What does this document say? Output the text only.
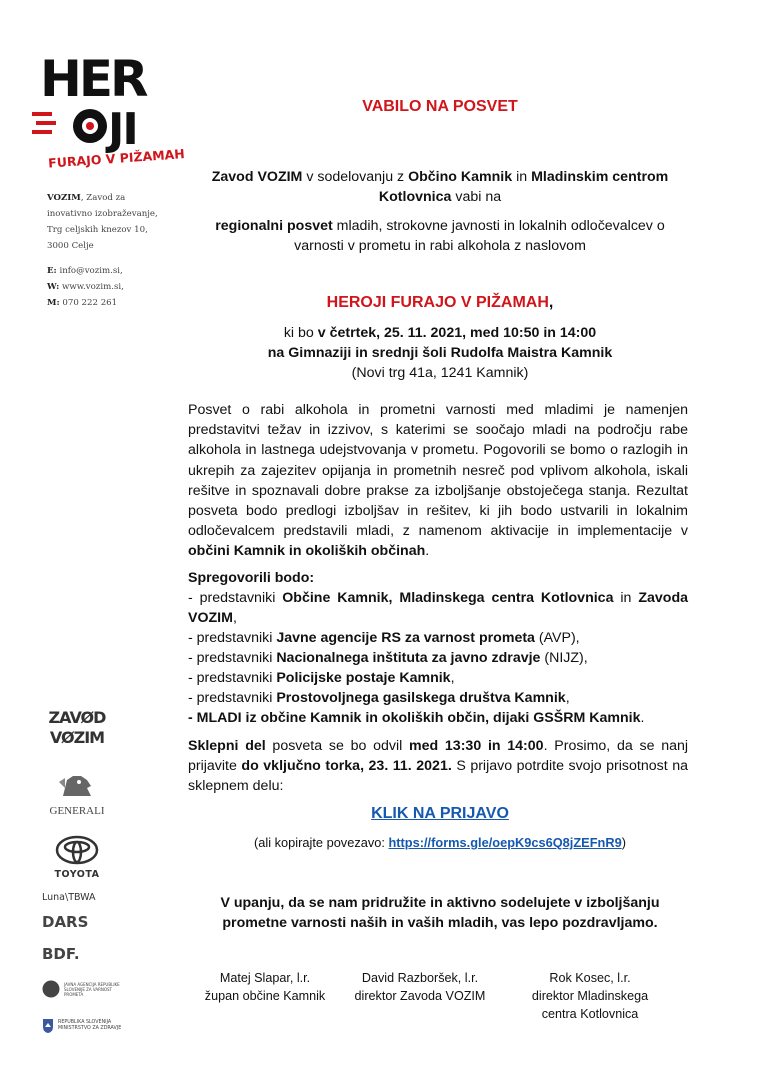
HER
JI
FURAJO V PIŽAMAH
VOZIM, Zavod za
inovativno izobraževanje,
Trg celjskih knezov 10,
3000 Celje
E: info@vozim.si,
W: www.vozim.si,
M: 070 222 261
ZAVØD
VØZIM
GENERALI
TOYOTA
Luna\TBWA
DARS
BDF.
JAVNA AGENCIJA REPUBLIKE SLOVENIJE ZA VARNOST PROMETA
REPUBLIKA SLOVENIJA MINISTRSTVO ZA ZDRAVJE
VABILO NA POSVET
Zavod VOZIM v sodelovanju z Občino Kamnik in Mladinskim centrom Kotlovnica vabi na
regionalni posvet mladih, strokovne javnosti in lokalnih odločevalcev o varnosti v prometu in rabi alkohola z naslovom
HEROJI FURAJO V PIŽAMAH,
ki bo v četrtek, 25. 11. 2021, med 10:50 in 14:00
na Gimnaziji in srednji šoli Rudolfa Maistra Kamnik
(Novi trg 41a, 1241 Kamnik)
Posvet o rabi alkohola in prometni varnosti med mladimi je namenjen predstavitvi težav in izzivov, s katerimi se soočajo mladi na področju rabe alkohola in lastnega udejstvovanja v prometu. Pogovorili se bomo o razlogih in ukrepih za zajezitev opijanja in prometnih nesreč pod vplivom alkohola, iskali rešitve in spoznavali dobre prakse za izboljšanje obstoječega stanja. Rezultat posveta bodo predlogi izboljšav in rešitev, ki jih bodo ustvarili in lokalnim odločevalcem predstavili mladi, z namenom aktivacije in implementacije v občini Kamnik in okoliških občinah.
Spregovorili bodo:
- predstavniki Občine Kamnik, Mladinskega centra Kotlovnica in Zavoda VOZIM,
- predstavniki Javne agencije RS za varnost prometa (AVP),
- predstavniki Nacionalnega inštituta za javno zdravje (NIJZ),
- predstavniki Policijske postaje Kamnik,
- predstavniki Prostovoljnega gasilskega društva Kamnik,
- MLADI iz občine Kamnik in okoliških občin, dijaki GSŠRM Kamnik.
Sklepni del posveta se bo odvil med 13:30 in 14:00. Prosimo, da se nanj prijavite do vključno torka, 23. 11. 2021. S prijavo potrdite svojo prisotnost na sklepnem delu:
KLIK NA PRIJAVO
(ali kopirajte povezavo: https://forms.gle/oepK9cs6Q8jZEFnR9)
V upanju, da se nam pridružite in aktivno sodelujete v izboljšanju prometne varnosti naših in vaših mladih, vas lepo pozdravljamo.
Matej Slapar, l.r.
župan občine Kamnik
David Razboršek, l.r.
direktor Zavoda VOZIM
Rok Kosec, l.r.
direktor Mladinskega centra Kotlovnica
